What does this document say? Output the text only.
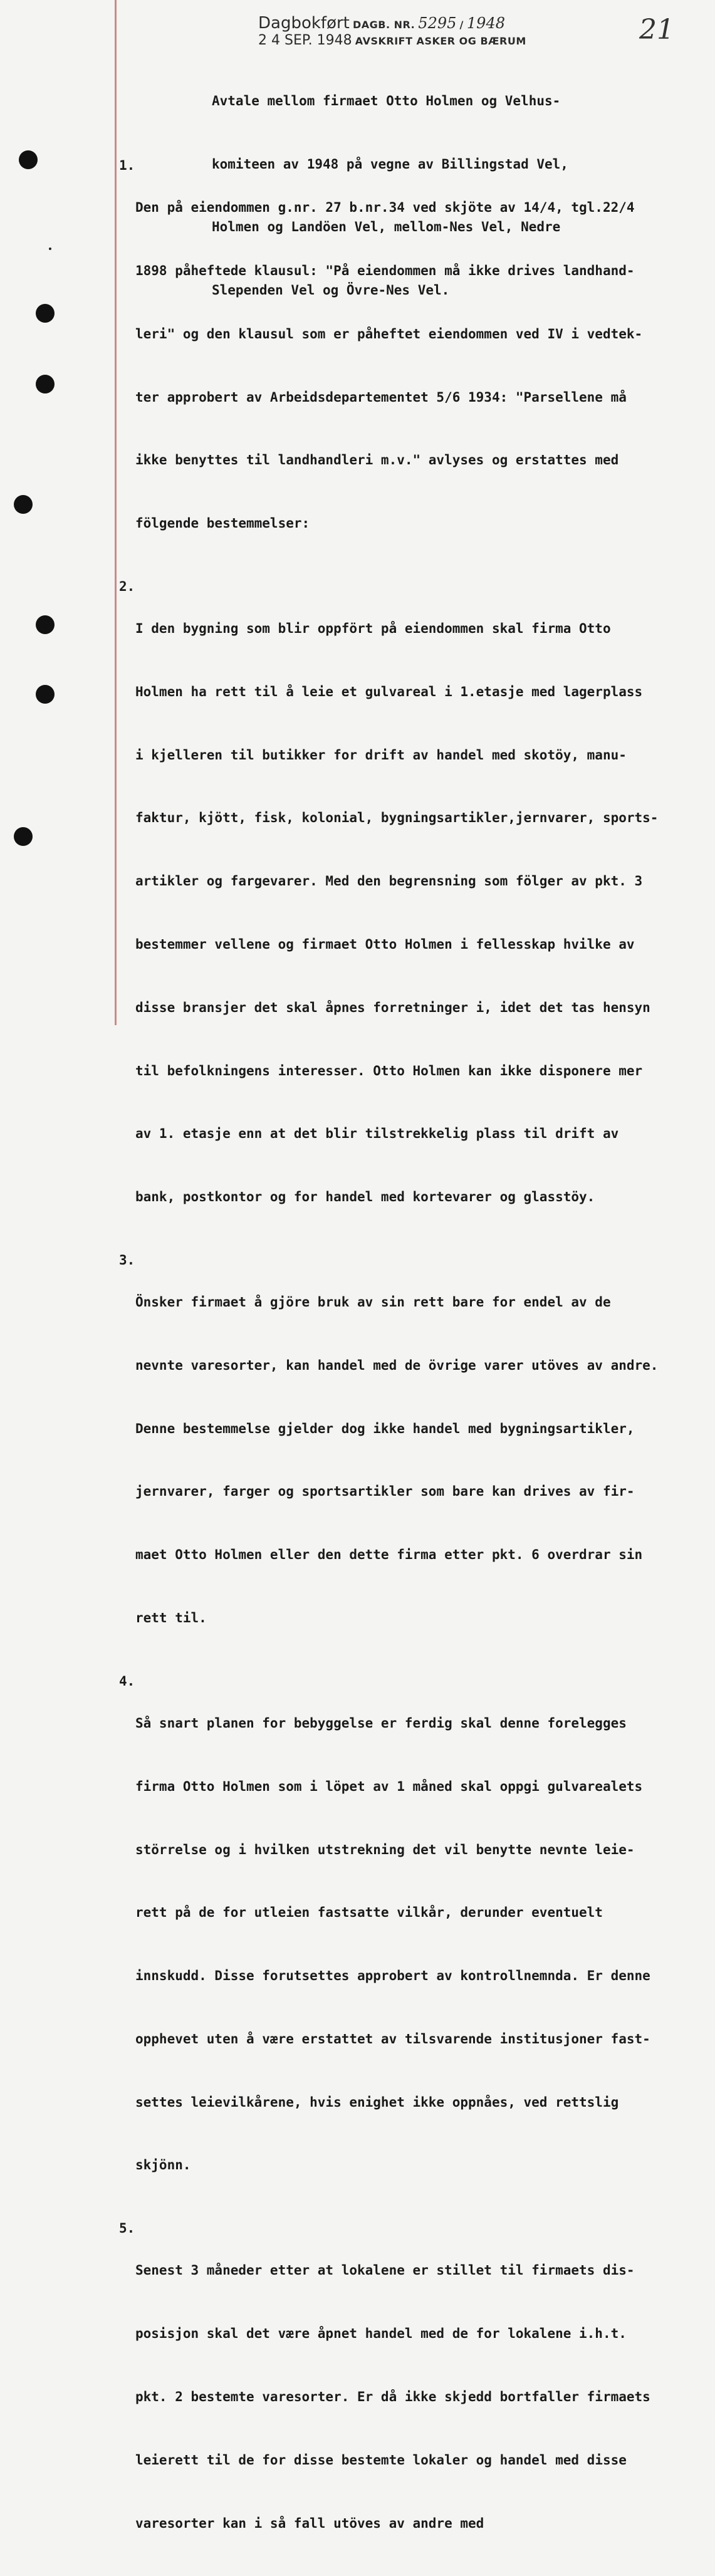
Dagbokført DAGB. NR. 5295 / 1948
2 4 SEP. 1948 AVSKRIFT ASKER OG BÆRUM	21

Avtale mellom firmaet Otto Holmen og Velhus-

komiteen av 1948 på vegne av Billingstad Vel,

Holmen og Landöen Vel, mellom-Nes Vel, Nedre

Slependen Vel og Övre-Nes Vel.

1.

Den på eiendommen g.nr. 27 b.nr.34 ved skjöte av 14/4, tgl.22/4

1898 påheftede klausul: "På eiendommen må ikke drives landhand-

leri" og den klausul som er påheftet eiendommen ved IV i vedtek-

ter approbert av Arbeidsdepartementet 5/6 1934: "Parsellene må

ikke benyttes til landhandleri m.v." avlyses og erstattes med

fölgende bestemmelser:

2.

I den bygning som blir oppfört på eiendommen skal firma Otto

Holmen ha rett til å leie et gulvareal i 1.etasje med lagerplass

i kjelleren til butikker for drift av handel med skotöy, manu-

faktur, kjött, fisk, kolonial, bygningsartikler,jernvarer, sports-

artikler og fargevarer. Med den begrensning som fölger av pkt. 3

bestemmer vellene og firmaet Otto Holmen i fellesskap hvilke av

disse bransjer det skal åpnes forretninger i, idet det tas hensyn

til befolkningens interesser. Otto Holmen kan ikke disponere mer

av 1. etasje enn at det blir tilstrekkelig plass til drift av

bank, postkontor og for handel med kortevarer og glasstöy.

3.

Önsker firmaet å gjöre bruk av sin rett bare for endel av de

nevnte varesorter, kan handel med de övrige varer utöves av andre.

Denne bestemmelse gjelder dog ikke handel med bygningsartikler,

jernvarer, farger og sportsartikler som bare kan drives av fir-

maet Otto Holmen eller den dette firma etter pkt. 6 overdrar sin

rett til.

4.

Så snart planen for bebyggelse er ferdig skal denne forelegges

firma Otto Holmen som i löpet av 1 måned skal oppgi gulvarealets

störrelse og i hvilken utstrekning det vil benytte nevnte leie-

rett på de for utleien fastsatte vilkår, derunder eventuelt

innskudd. Disse forutsettes approbert av kontrollnemnda. Er denne

opphevet uten å være erstattet av tilsvarende institusjoner fast-

settes leievilkårene, hvis enighet ikke oppnåes, ved rettslig

skjönn.

5.

Senest 3 måneder etter at lokalene er stillet til firmaets dis-

posisjon skal det være åpnet handel med de for lokalene i.h.t.

pkt. 2 bestemte varesorter. Er då ikke skjedd bortfaller firmaets

leierett til de for disse bestemte lokaler og handel med disse

varesorter kan i så fall utöves av andre med
